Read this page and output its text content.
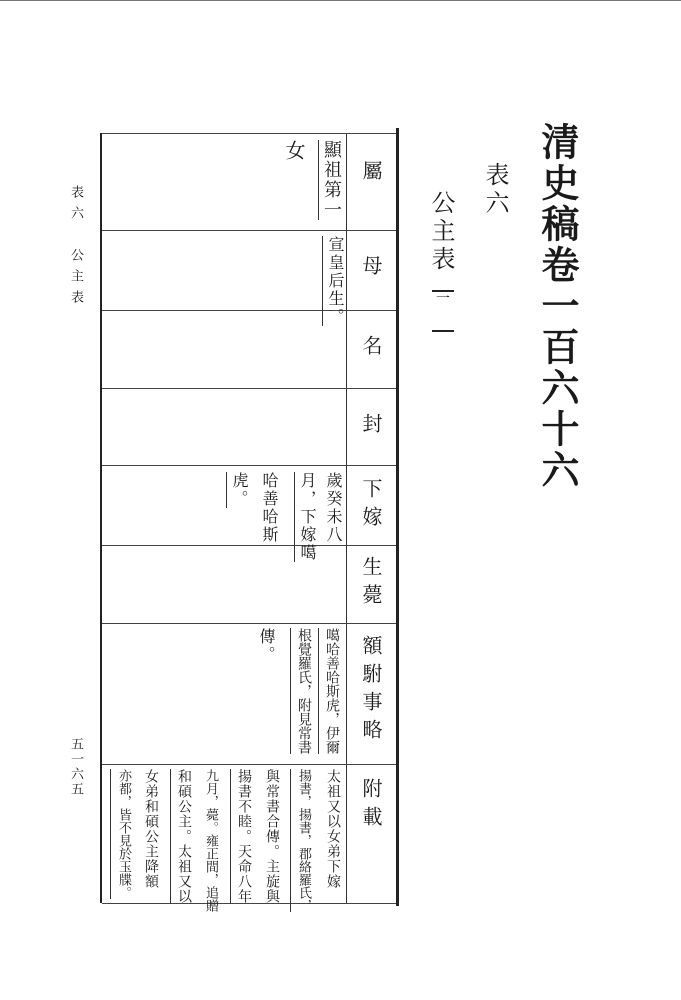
清史稿卷一百六十六
表六
公主表
一
表六　公主表
五一六五
屬
母
名
封
下嫁
生薨
額駙事略
附載
女 顯祖第一
宣皇后生。
歲癸未八
月，下嫁噶
哈善哈斯
虎。
噶哈善哈斯虎，伊爾
根覺羅氏，附見常書
傳。
太祖又以女弟下嫁
揚書，揚書，郡絡羅氏，
與常書合傳。主旋與
揚書不睦。天命八年
九月，薨。雍正間，追贈
和碩公主。太祖又以
女弟和碩公主降額
亦都，皆不見於玉牒。
